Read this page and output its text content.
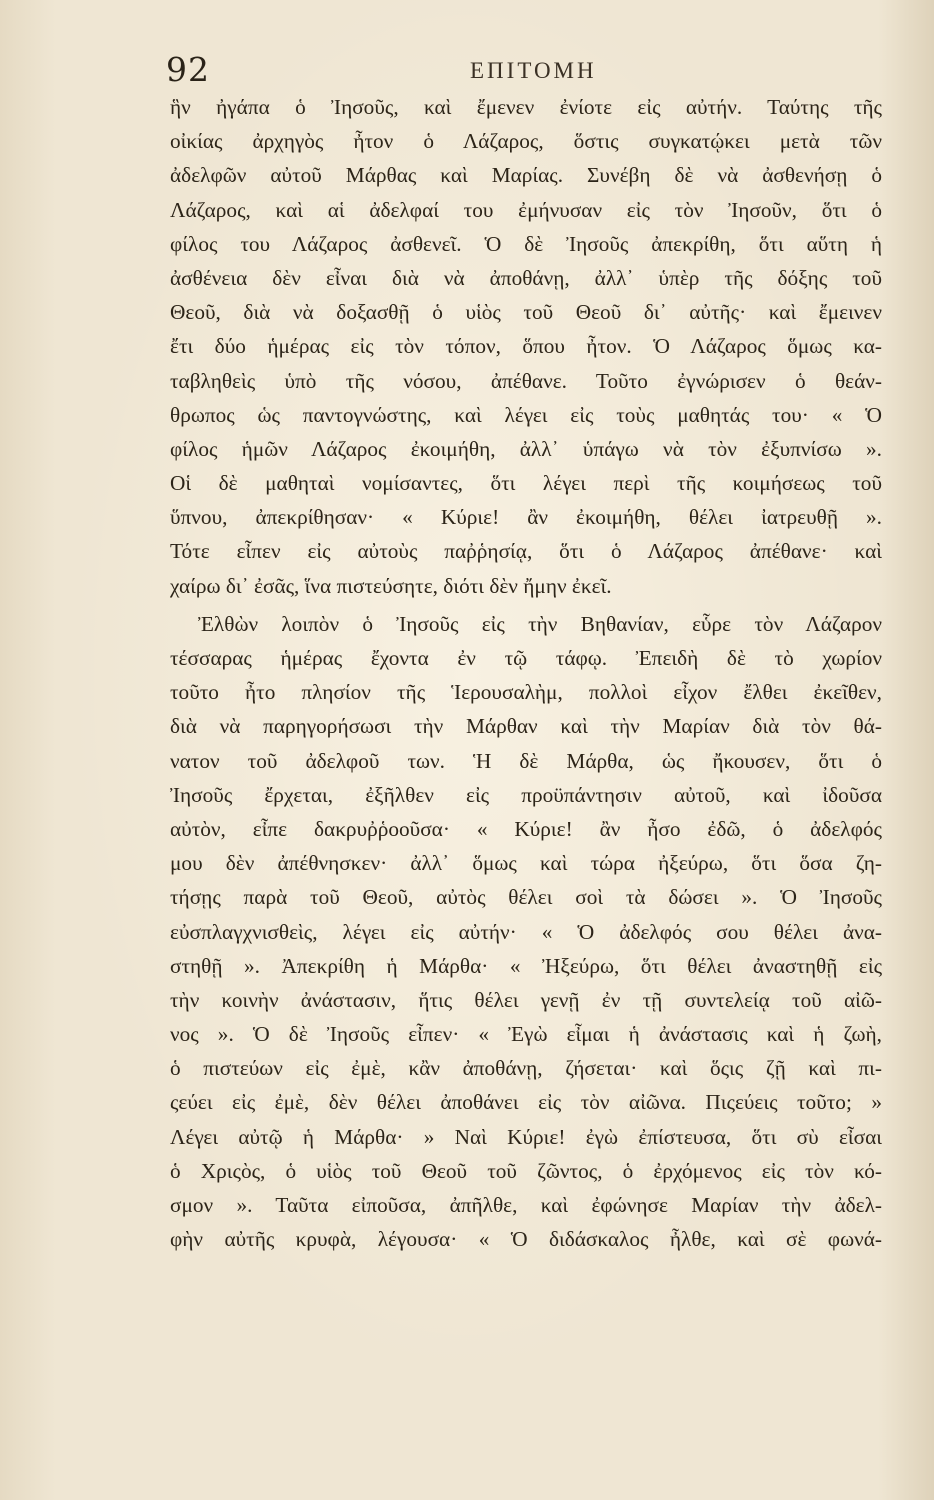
92	ΕΠΙΤΟΜΗ
ἣν ἠγάπα ὁ Ἰησοῦς, καὶ ἔμενεν ἐνίοτε εἰς αὐτήν. Ταύτης τῆς
οἰκίας ἀρχηγὸς ἦτον ὁ Λάζαρος, ὅστις συγκατῴκει μετὰ τῶν
ἀδελφῶν αὐτοῦ Μάρθας καὶ Μαρίας. Συνέβη δὲ νὰ ἀσθενήσῃ ὁ
Λάζαρος, καὶ αἱ ἀδελφαί του ἐμήνυσαν εἰς τὸν Ἰησοῦν, ὅτι ὁ
φίλος του Λάζαρος ἀσθενεῖ. Ὁ δὲ Ἰησοῦς ἀπεκρίθη, ὅτι αὕτη ἡ
ἀσθένεια δὲν εἶναι διὰ νὰ ἀποθάνῃ, ἀλλ᾽ ὑπὲρ τῆς δόξης τοῦ
Θεοῦ, διὰ νὰ δοξασθῇ ὁ υἱὸς τοῦ Θεοῦ δι᾽ αὐτῆς· καὶ ἔμεινεν
ἔτι δύο ἡμέρας εἰς τὸν τόπον, ὅπου ἦτον. Ὁ Λάζαρος ὅμως κα-
ταβληθεὶς ὑπὸ τῆς νόσου, ἀπέθανε. Τοῦτο ἐγνώρισεν ὁ θεάν-
θρωπος ὡς παντογνώστης, καὶ λέγει εἰς τοὺς μαθητάς του· « Ὁ
φίλος ἡμῶν Λάζαρος ἐκοιμήθη, ἀλλ᾽ ὑπάγω νὰ τὸν ἐξυπνίσω ».
Οἱ δὲ μαθηταὶ νομίσαντες, ὅτι λέγει περὶ τῆς κοιμήσεως τοῦ
ὕπνου, ἀπεκρίθησαν· « Κύριε! ἂν ἐκοιμήθη, θέλει ἰατρευθῇ ».
Τότε εἶπεν εἰς αὐτοὺς παῤῥησίᾳ, ὅτι ὁ Λάζαρος ἀπέθανε· καὶ
χαίρω δι᾽ ἐσᾶς, ἵνα πιστεύσητε, διότι δὲν ἤμην ἐκεῖ.
Ἐλθὼν λοιπὸν ὁ Ἰησοῦς εἰς τὴν Βηθανίαν, εὗρε τὸν Λάζαρον
τέσσαρας ἡμέρας ἔχοντα ἐν τῷ τάφῳ. Ἐπειδὴ δὲ τὸ χωρίον
τοῦτο ἦτο πλησίον τῆς Ἱερουσαλὴμ, πολλοὶ εἶχον ἔλθει ἐκεῖθεν,
διὰ νὰ παρηγορήσωσι τὴν Μάρθαν καὶ τὴν Μαρίαν διὰ τὸν θά-
νατον τοῦ ἀδελφοῦ των. Ἡ δὲ Μάρθα, ὡς ἤκουσεν, ὅτι ὁ
Ἰησοῦς ἔρχεται, ἐξῆλθεν εἰς προϋπάντησιν αὐτοῦ, καὶ ἰδοῦσα
αὐτὸν, εἶπε δακρυῤῥοοῦσα· « Κύριε! ἂν ἦσο ἐδῶ, ὁ ἀδελφός
μου δὲν ἀπέθνησκεν· ἀλλ᾽ ὅμως καὶ τώρα ἠξεύρω, ὅτι ὅσα ζη-
τήσῃς παρὰ τοῦ Θεοῦ, αὐτὸς θέλει σοὶ τὰ δώσει ». Ὁ Ἰησοῦς
εὐσπλαγχνισθεὶς, λέγει εἰς αὐτήν· « Ὁ ἀδελφός σου θέλει ἀνα-
στηθῇ ». Ἀπεκρίθη ἡ Μάρθα· « Ἠξεύρω, ὅτι θέλει ἀναστηθῇ εἰς
τὴν κοινὴν ἀνάστασιν, ἥτις θέλει γενῇ ἐν τῇ συντελείᾳ τοῦ αἰῶ-
νος ». Ὁ δὲ Ἰησοῦς εἶπεν· « Ἐγὼ εἶμαι ἡ ἀνάστασις καὶ ἡ ζωὴ,
ὁ πιστεύων εἰς ἐμὲ, κἂν ἀποθάνῃ, ζήσεται· καὶ ὅςις ζῇ καὶ πι-
ςεύει εἰς ἐμὲ, δὲν θέλει ἀποθάνει εἰς τὸν αἰῶνα. Πιςεύεις τοῦτο; »
Λέγει αὐτῷ ἡ Μάρθα· » Ναὶ Κύριε! ἐγὼ ἐπίστευσα, ὅτι σὺ εἶσαι
ὁ Χριςὸς, ὁ υἱὸς τοῦ Θεοῦ τοῦ ζῶντος, ὁ ἐρχόμενος εἰς τὸν κό-
σμον ». Ταῦτα εἰποῦσα, ἀπῆλθε, καὶ ἐφώνησε Μαρίαν τὴν ἀδελ-
φὴν αὐτῆς κρυφὰ, λέγουσα· « Ὁ διδάσκαλος ἦλθε, καὶ σὲ φωνά-
